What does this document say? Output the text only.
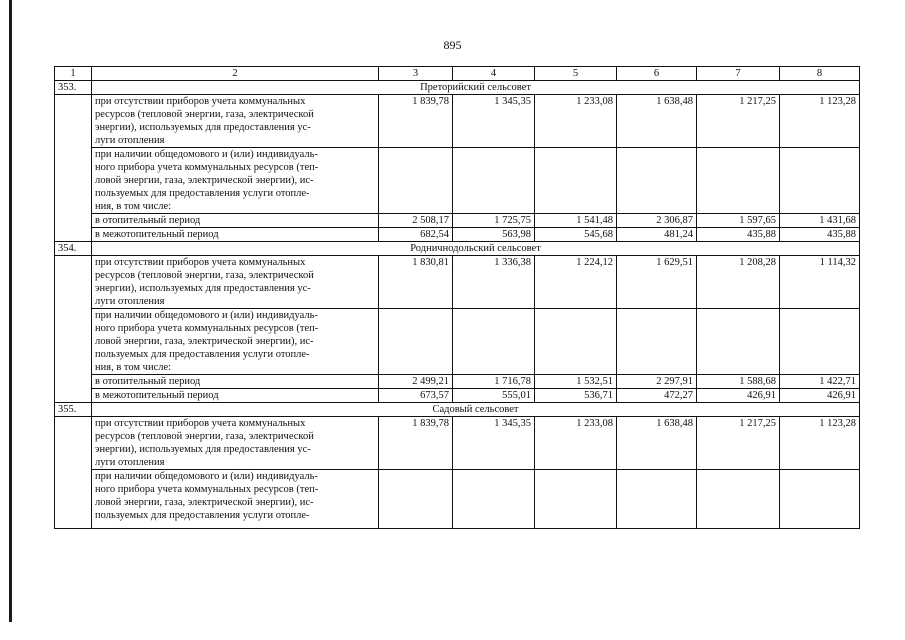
895
1	2	3	4	5	6	7	8
353.	Преторийский сельсовет						

	при отсутствии приборов учета коммунальных
ресурсов (тепловой энергии, газа, электрической
энергии), используемых для предоставления ус-
луги отопления	1 839,78	1 345,35	1 233,08	1 638,48	1 217,25	1 123,28

	при наличии общедомового и (или) индивидуаль-
ного прибора учета коммунальных ресурсов (теп-
ловой энергии, газа, электрической энергии), ис-
пользуемых для предоставления услуги отопле-
ния, в том числе:						

	в отопительный период	2 508,17	1 725,75	1 541,48	2 306,87	1 597,65	1 431,68

	в межотопительный период	682,54	563,98	545,68	481,24	435,88	435,88
354.	Родничнодольский сельсовет						

	при отсутствии приборов учета коммунальных
ресурсов (тепловой энергии, газа, электрической
энергии), используемых для предоставления ус-
луги отопления	1 830,81	1 336,38	1 224,12	1 629,51	1 208,28	1 114,32

	при наличии общедомового и (или) индивидуаль-
ного прибора учета коммунальных ресурсов (теп-
ловой энергии, газа, электрической энергии), ис-
пользуемых для предоставления услуги отопле-
ния, в том числе:						

	в отопительный период	2 499,21	1 716,78	1 532,51	2 297,91	1 588,68	1 422,71

	в межотопительный период	673,57	555,01	536,71	472,27	426,91	426,91
355.	Садовый сельсовет						

	при отсутствии приборов учета коммунальных
ресурсов (тепловой энергии, газа, электрической
энергии), используемых для предоставления ус-
луги отопления	1 839,78	1 345,35	1 233,08	1 638,48	1 217,25	1 123,28

	при наличии общедомового и (или) индивидуаль-
ного прибора учета коммунальных ресурсов (теп-
ловой энергии, газа, электрической энергии), ис-
пользуемых для предоставления услуги отопле-						
